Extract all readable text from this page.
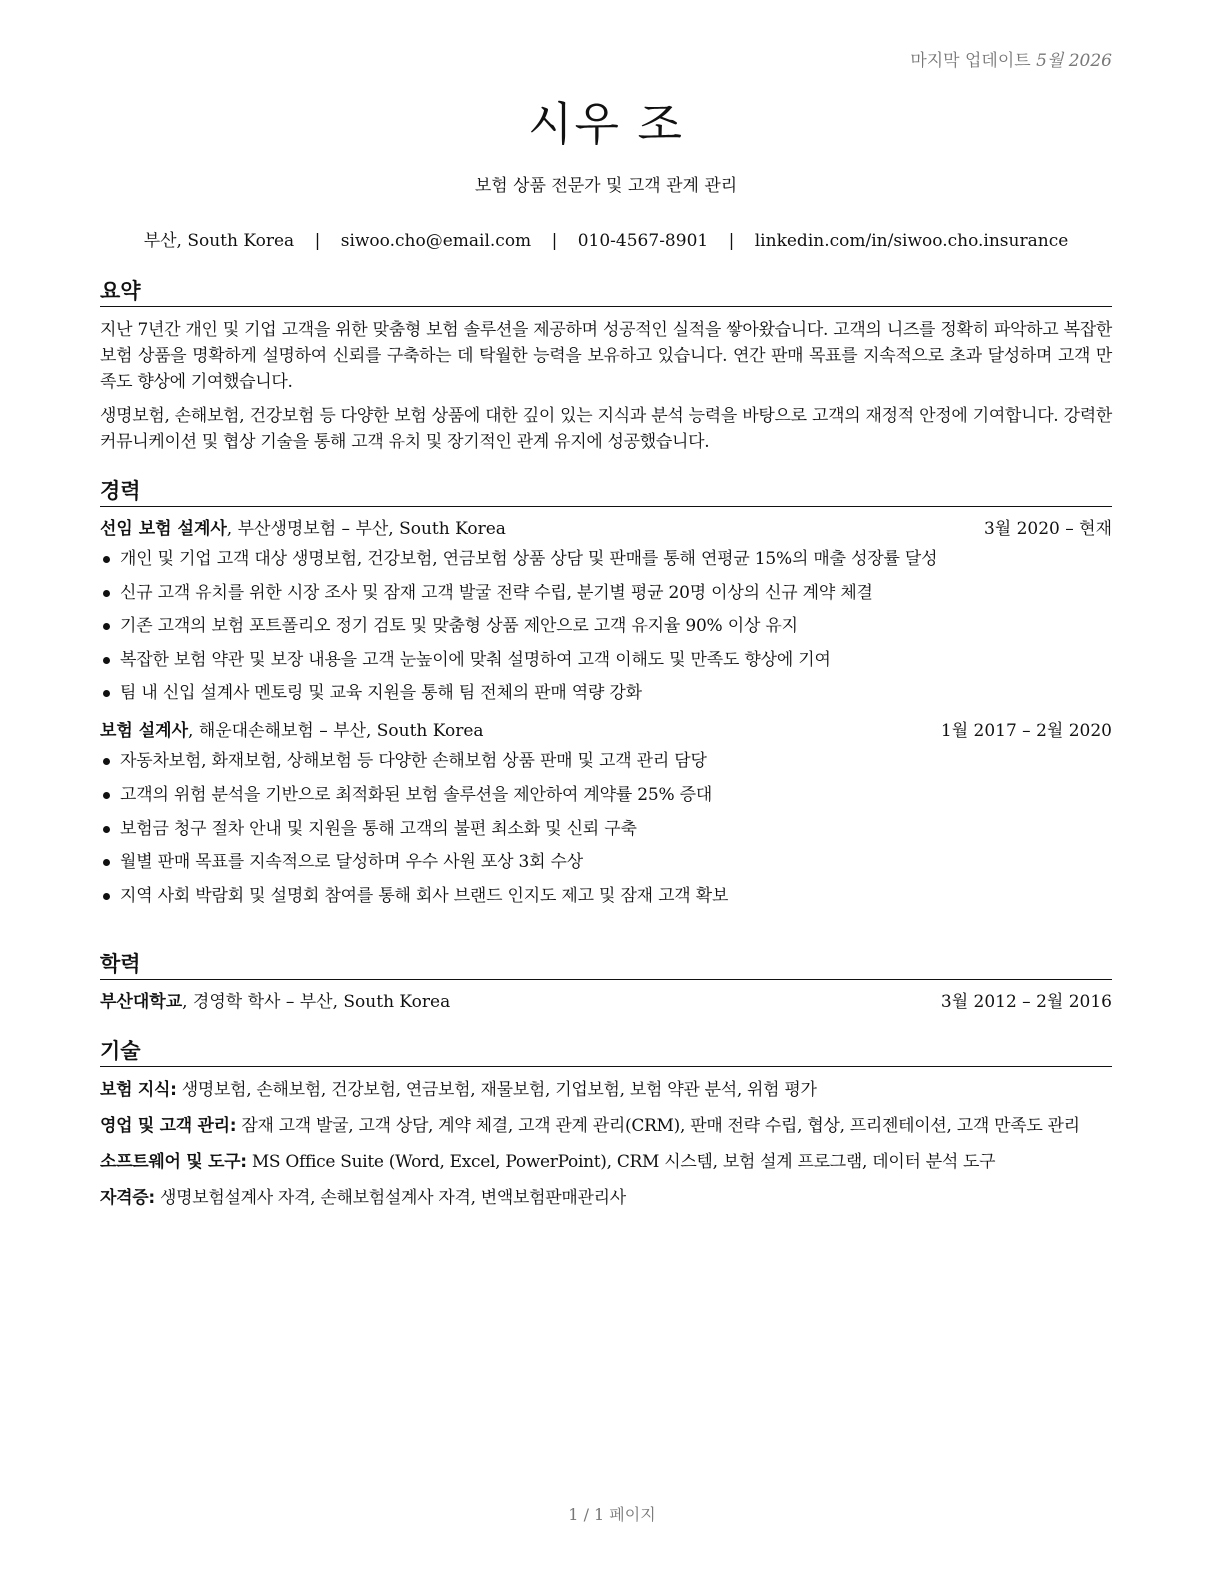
마지막 업데이트 5월 2026
시우 조
보험 상품 전문가 및 고객 관계 관리
부산, South Korea | siwoo.cho@email.com | 010-4567-8901 | linkedin.com/in/siwoo.cho.insurance
요약

지난 7년간 개인 및 기업 고객을 위한 맞춤형 보험 솔루션을 제공하며 성공적인 실적을 쌓아왔습니다. 고객의 니즈를 정확히 파악하고 복잡한 보험 상품을 명확하게 설명하여 신뢰를 구축하는 데 탁월한 능력을 보유하고 있습니다. 연간 판매 목표를 지속적으로 초과 달성하며 고객 만족도 향상에 기여했습니다.

생명보험, 손해보험, 건강보험 등 다양한 보험 상품에 대한 깊이 있는 지식과 분석 능력을 바탕으로 고객의 재정적 안정에 기여합니다. 강력한 커뮤니케이션 및 협상 기술을 통해 고객 유치 및 장기적인 관계 유지에 성공했습니다.

경력
선임 보험 설계사, 부산생명보험 – 부산, South Korea	3월 2020 – 현재
개인 및 기업 고객 대상 생명보험, 건강보험, 연금보험 상품 상담 및 판매를 통해 연평균 15%의 매출 성장률 달성
신규 고객 유치를 위한 시장 조사 및 잠재 고객 발굴 전략 수립, 분기별 평균 20명 이상의 신규 계약 체결
기존 고객의 보험 포트폴리오 정기 검토 및 맞춤형 상품 제안으로 고객 유지율 90% 이상 유지
복잡한 보험 약관 및 보장 내용을 고객 눈높이에 맞춰 설명하여 고객 이해도 및 만족도 향상에 기여
팀 내 신입 설계사 멘토링 및 교육 지원을 통해 팀 전체의 판매 역량 강화
보험 설계사, 해운대손해보험 – 부산, South Korea	1월 2017 – 2월 2020
자동차보험, 화재보험, 상해보험 등 다양한 손해보험 상품 판매 및 고객 관리 담당
고객의 위험 분석을 기반으로 최적화된 보험 솔루션을 제안하여 계약률 25% 증대
보험금 청구 절차 안내 및 지원을 통해 고객의 불편 최소화 및 신뢰 구축
월별 판매 목표를 지속적으로 달성하며 우수 사원 포상 3회 수상
지역 사회 박람회 및 설명회 참여를 통해 회사 브랜드 인지도 제고 및 잠재 고객 확보
학력
부산대학교, 경영학 학사 – 부산, South Korea	3월 2012 – 2월 2016
기술

보험 지식: 생명보험, 손해보험, 건강보험, 연금보험, 재물보험, 기업보험, 보험 약관 분석, 위험 평가

영업 및 고객 관리: 잠재 고객 발굴, 고객 상담, 계약 체결, 고객 관계 관리(CRM), 판매 전략 수립, 협상, 프리젠테이션, 고객 만족도 관리

소프트웨어 및 도구: MS Office Suite (Word, Excel, PowerPoint), CRM 시스템, 보험 설계 프로그램, 데이터 분석 도구

자격증: 생명보험설계사 자격, 손해보험설계사 자격, 변액보험판매관리사

1 / 1 페이지
